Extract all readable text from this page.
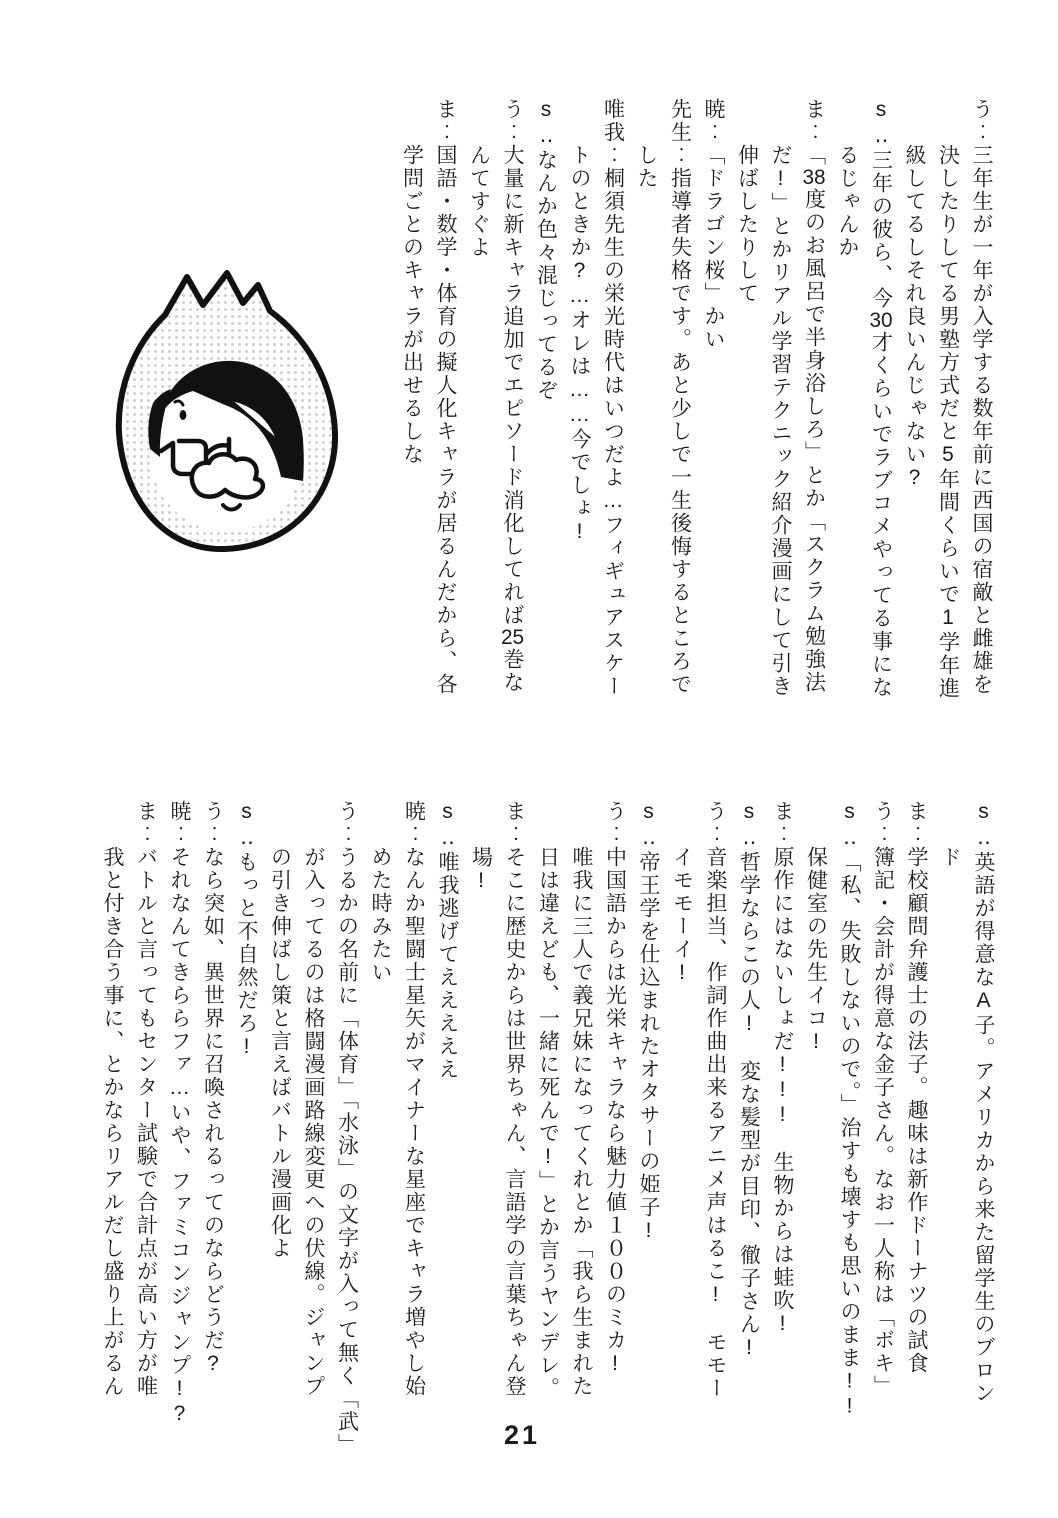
う‥三年生が一年が入学する数年前に西国の宿敵と雌雄を
決したりしてる男塾方式だと5年間くらいで1学年進
級してるしそれ良いんじゃない?
s‥三年の彼ら、今30才くらいでラブコメやってる事にな
るじゃんか
ま‥「38度のお風呂で半身浴しろ」とか「スクラム勉強法
だ!」とかリアル学習テクニック紹介漫画にして引き
伸ばしたりして
暁‥「ドラゴン桜」かい
先生‥指導者失格です。あと少しで一生後悔するところで
した
唯我‥桐須先生の栄光時代はいつだよ…フィギュアスケー
トのときか?…オレは……今でしょ!
s‥なんか色々混じってるぞ
う‥大量に新キャラ追加でエピソード消化してれば25巻な
んてすぐよ
ま‥国語・数学・体育の擬人化キャラが居るんだから、各
学問ごとのキャラが出せるしな
s‥英語が得意なA子。アメリカから来た留学生のブロン
ド
ま‥学校顧問弁護士の法子。趣味は新作ドーナツの試食
う‥簿記・会計が得意な金子さん。なお一人称は「ボキ」
s‥「私、失敗しないので。」治すも壊すも思いのまま!!
保健室の先生イコ!
ま‥原作にはないしょだ!!!　生物からは蛙吹!
s‥哲学ならこの人!　変な髪型が目印、徹子さん!
う‥音楽担当、作詞作曲出来るアニメ声はるこ!　モモー
イモモーイ!
s‥帝王学を仕込まれたオタサーの姫子!
う‥中国語からは光栄キャラなら魅力値１００のミカ!
唯我に三人で義兄妹になってくれとか「我ら生まれた
日は違えども、一緒に死んで!」とか言うヤンデレ。
ま‥そこに歴史からは世界ちゃん、言語学の言葉ちゃん登
場!
s‥唯我逃げてえええええ
暁‥なんか聖闘士星矢がマイナーな星座でキャラ増やし始
めた時みたい
う‥うるかの名前に「体育」「水泳」の文字が入って無く「武」
が入ってるのは格闘漫画路線変更への伏線。ジャンプ
の引き伸ばし策と言えばバトル漫画化よ
s‥もっと不自然だろ!
う‥なら突如、異世界に召喚されるってのならどうだ?
暁‥それなんてきららファ…いや、ファミコンジャンプ!?
ま‥バトルと言ってもセンター試験で合計点が高い方が唯
我と付き合う事に、とかならリアルだし盛り上がるん
21
